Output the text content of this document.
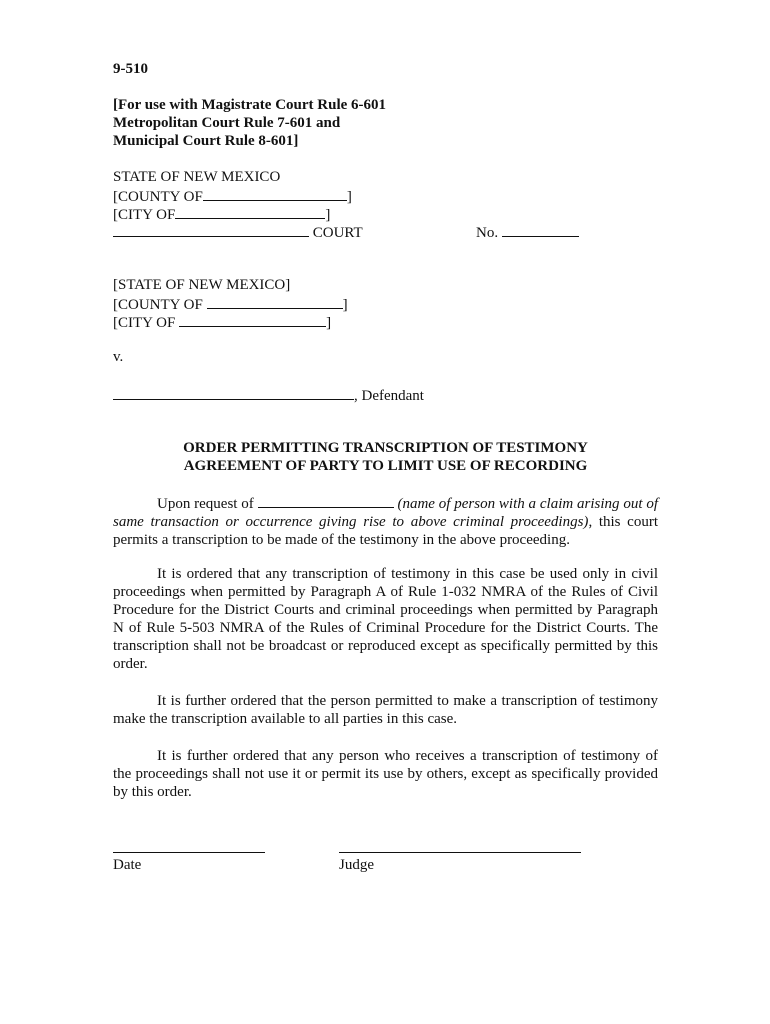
9-510
[For use with Magistrate Court Rule 6-601
Metropolitan Court Rule 7-601 and
Municipal Court Rule 8-601]
STATE OF NEW MEXICO
[COUNTY OF	]
[CITY OF	]
COURT	No.
[STATE OF NEW MEXICO]
[COUNTY OF	]
[CITY OF	]
v.
, Defendant
ORDER PERMITTING TRANSCRIPTION OF TESTIMONY
AGREEMENT OF PARTY TO LIMIT USE OF RECORDING
Upon request of	(name of person with a claim arising out of same transaction or occurrence giving rise to above criminal proceedings), this court permits a transcription to be made of the testimony in the above proceeding.
It is ordered that any transcription of testimony in this case be used only in civil proceedings when permitted by Paragraph A of Rule 1-032 NMRA of the Rules of Civil Procedure for the District Courts and criminal proceedings when permitted by Paragraph N of Rule 5-503 NMRA of the Rules of Criminal Procedure for the District Courts. The transcription shall not be broadcast or reproduced except as specifically permitted by this order.
It is further ordered that the person permitted to make a transcription of testimony make the transcription available to all parties in this case.
It is further ordered that any person who receives a transcription of testimony of the proceedings shall not use it or permit its use by others, except as specifically provided by this order.
Date	Judge
